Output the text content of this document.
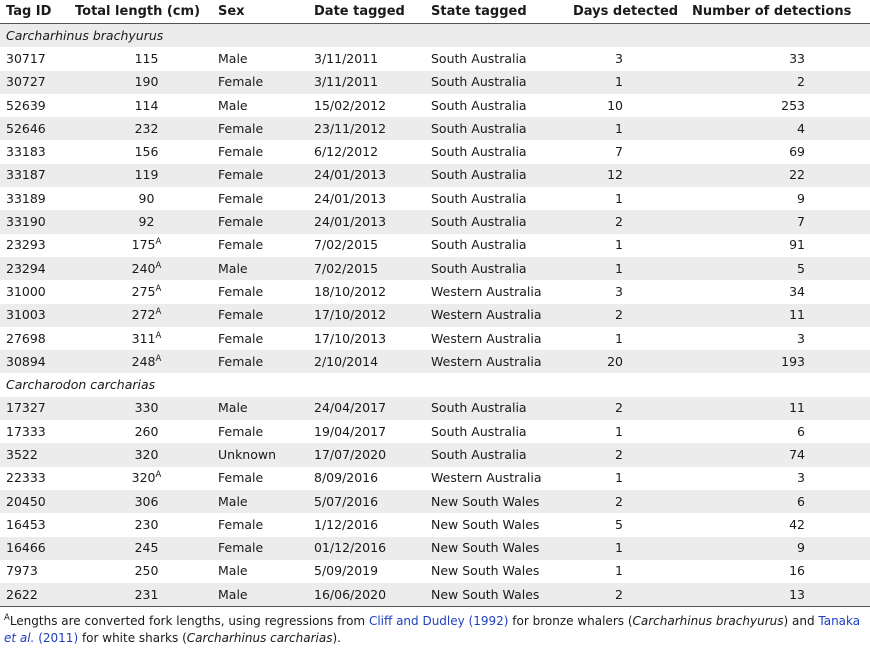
Tag ID	Total length (cm)	Sex	Date tagged	State tagged	Days detected	Number of detections
Carcharhinus brachyurus						
30717	115	Male	3/11/2011	South Australia	3	33
30727	190	Female	3/11/2011	South Australia	1	2
52639	114	Male	15/02/2012	South Australia	10	253
52646	232	Female	23/11/2012	South Australia	1	4
33183	156	Female	6/12/2012	South Australia	7	69
33187	119	Female	24/01/2013	South Australia	12	22
33189	90	Female	24/01/2013	South Australia	1	9
33190	92	Female	24/01/2013	South Australia	2	7
23293	$175^A$	Female	7/02/2015	South Australia	1	91
23294	$240^A$	Male	7/02/2015	South Australia	1	5
31000	$275^A$	Female	18/10/2012	Western Australia	3	34
31003	$272^A$	Female	17/10/2012	Western Australia	2	11
27698	$311^A$	Female	17/10/2013	Western Australia	1	3
30894	$248^A$	Female	2/10/2014	Western Australia	20	193
Carcharodon carcharias						
17327	330	Male	24/04/2017	South Australia	2	11
17333	260	Female	19/04/2017	South Australia	1	6
3522	320	Unknown	17/07/2020	South Australia	2	74
22333	$320^A$	Female	8/09/2016	Western Australia	1	3
20450	306	Male	5/07/2016	New South Wales	2	6
16453	230	Female	1/12/2016	New South Wales	5	42
16466	245	Female	01/12/2016	New South Wales	1	9
7973	250	Male	5/09/2019	New South Wales	1	16
2622	231	Male	16/06/2020	New South Wales	2	13
$^A$Lengths are converted fork lengths, using regressions from Cliff and Dudley (1992) for bronze whalers (Carcharhinus brachyurus) and Tanaka et al. (2011) for white sharks (Carcharhinus carcharias).
